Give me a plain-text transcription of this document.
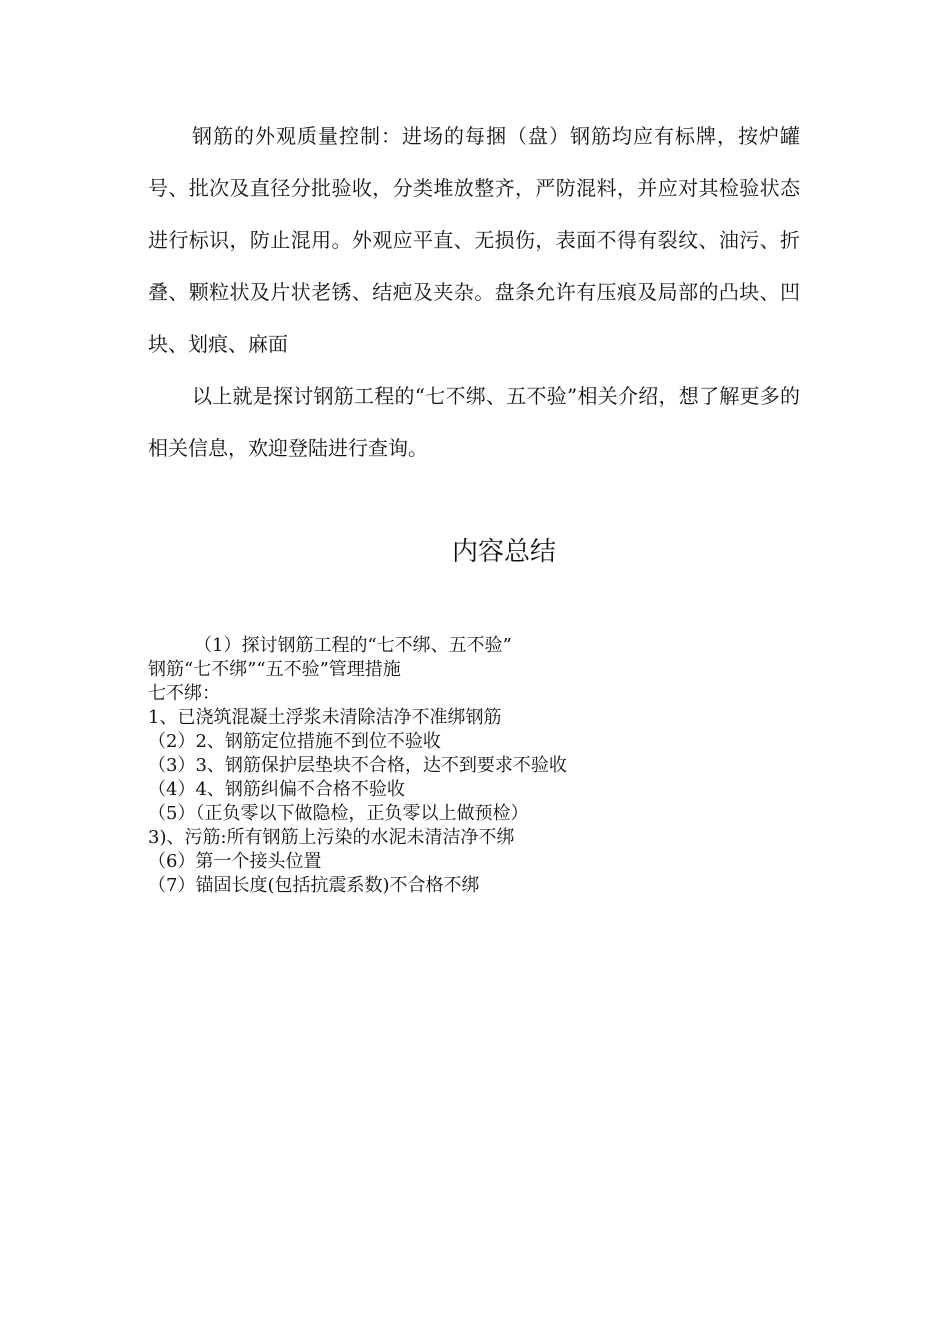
钢筋的外观质量控制：进场的每捆（盘）钢筋均应有标牌，按炉罐号、批次及直径分批验收，分类堆放整齐，严防混料，并应对其检验状态进行标识，防止混用。外观应平直、无损伤，表面不得有裂纹、油污、折叠、颗粒状及片状老锈、结疤及夹杂。盘条允许有压痕及局部的凸块、凹块、划痕、麻面

以上就是探讨钢筋工程的“七不绑、五不验”相关介绍，想了解更多的相关信息，欢迎登陆进行查询。

内容总结
（1）探讨钢筋工程的“七不绑、五不验”
钢筋“七不绑”“五不验”管理措施
七不绑：
1、已浇筑混凝土浮浆未清除洁净不准绑钢筋
（2）2、钢筋定位措施不到位不验收
（3）3、钢筋保护层垫块不合格，达不到要求不验收
（4）4、钢筋纠偏不合格不验收
（5）（正负零以下做隐检，正负零以上做预检）
3)、污筋:所有钢筋上污染的水泥未清洁净不绑
（6）第一个接头位置
（7）锚固长度(包括抗震系数)不合格不绑
